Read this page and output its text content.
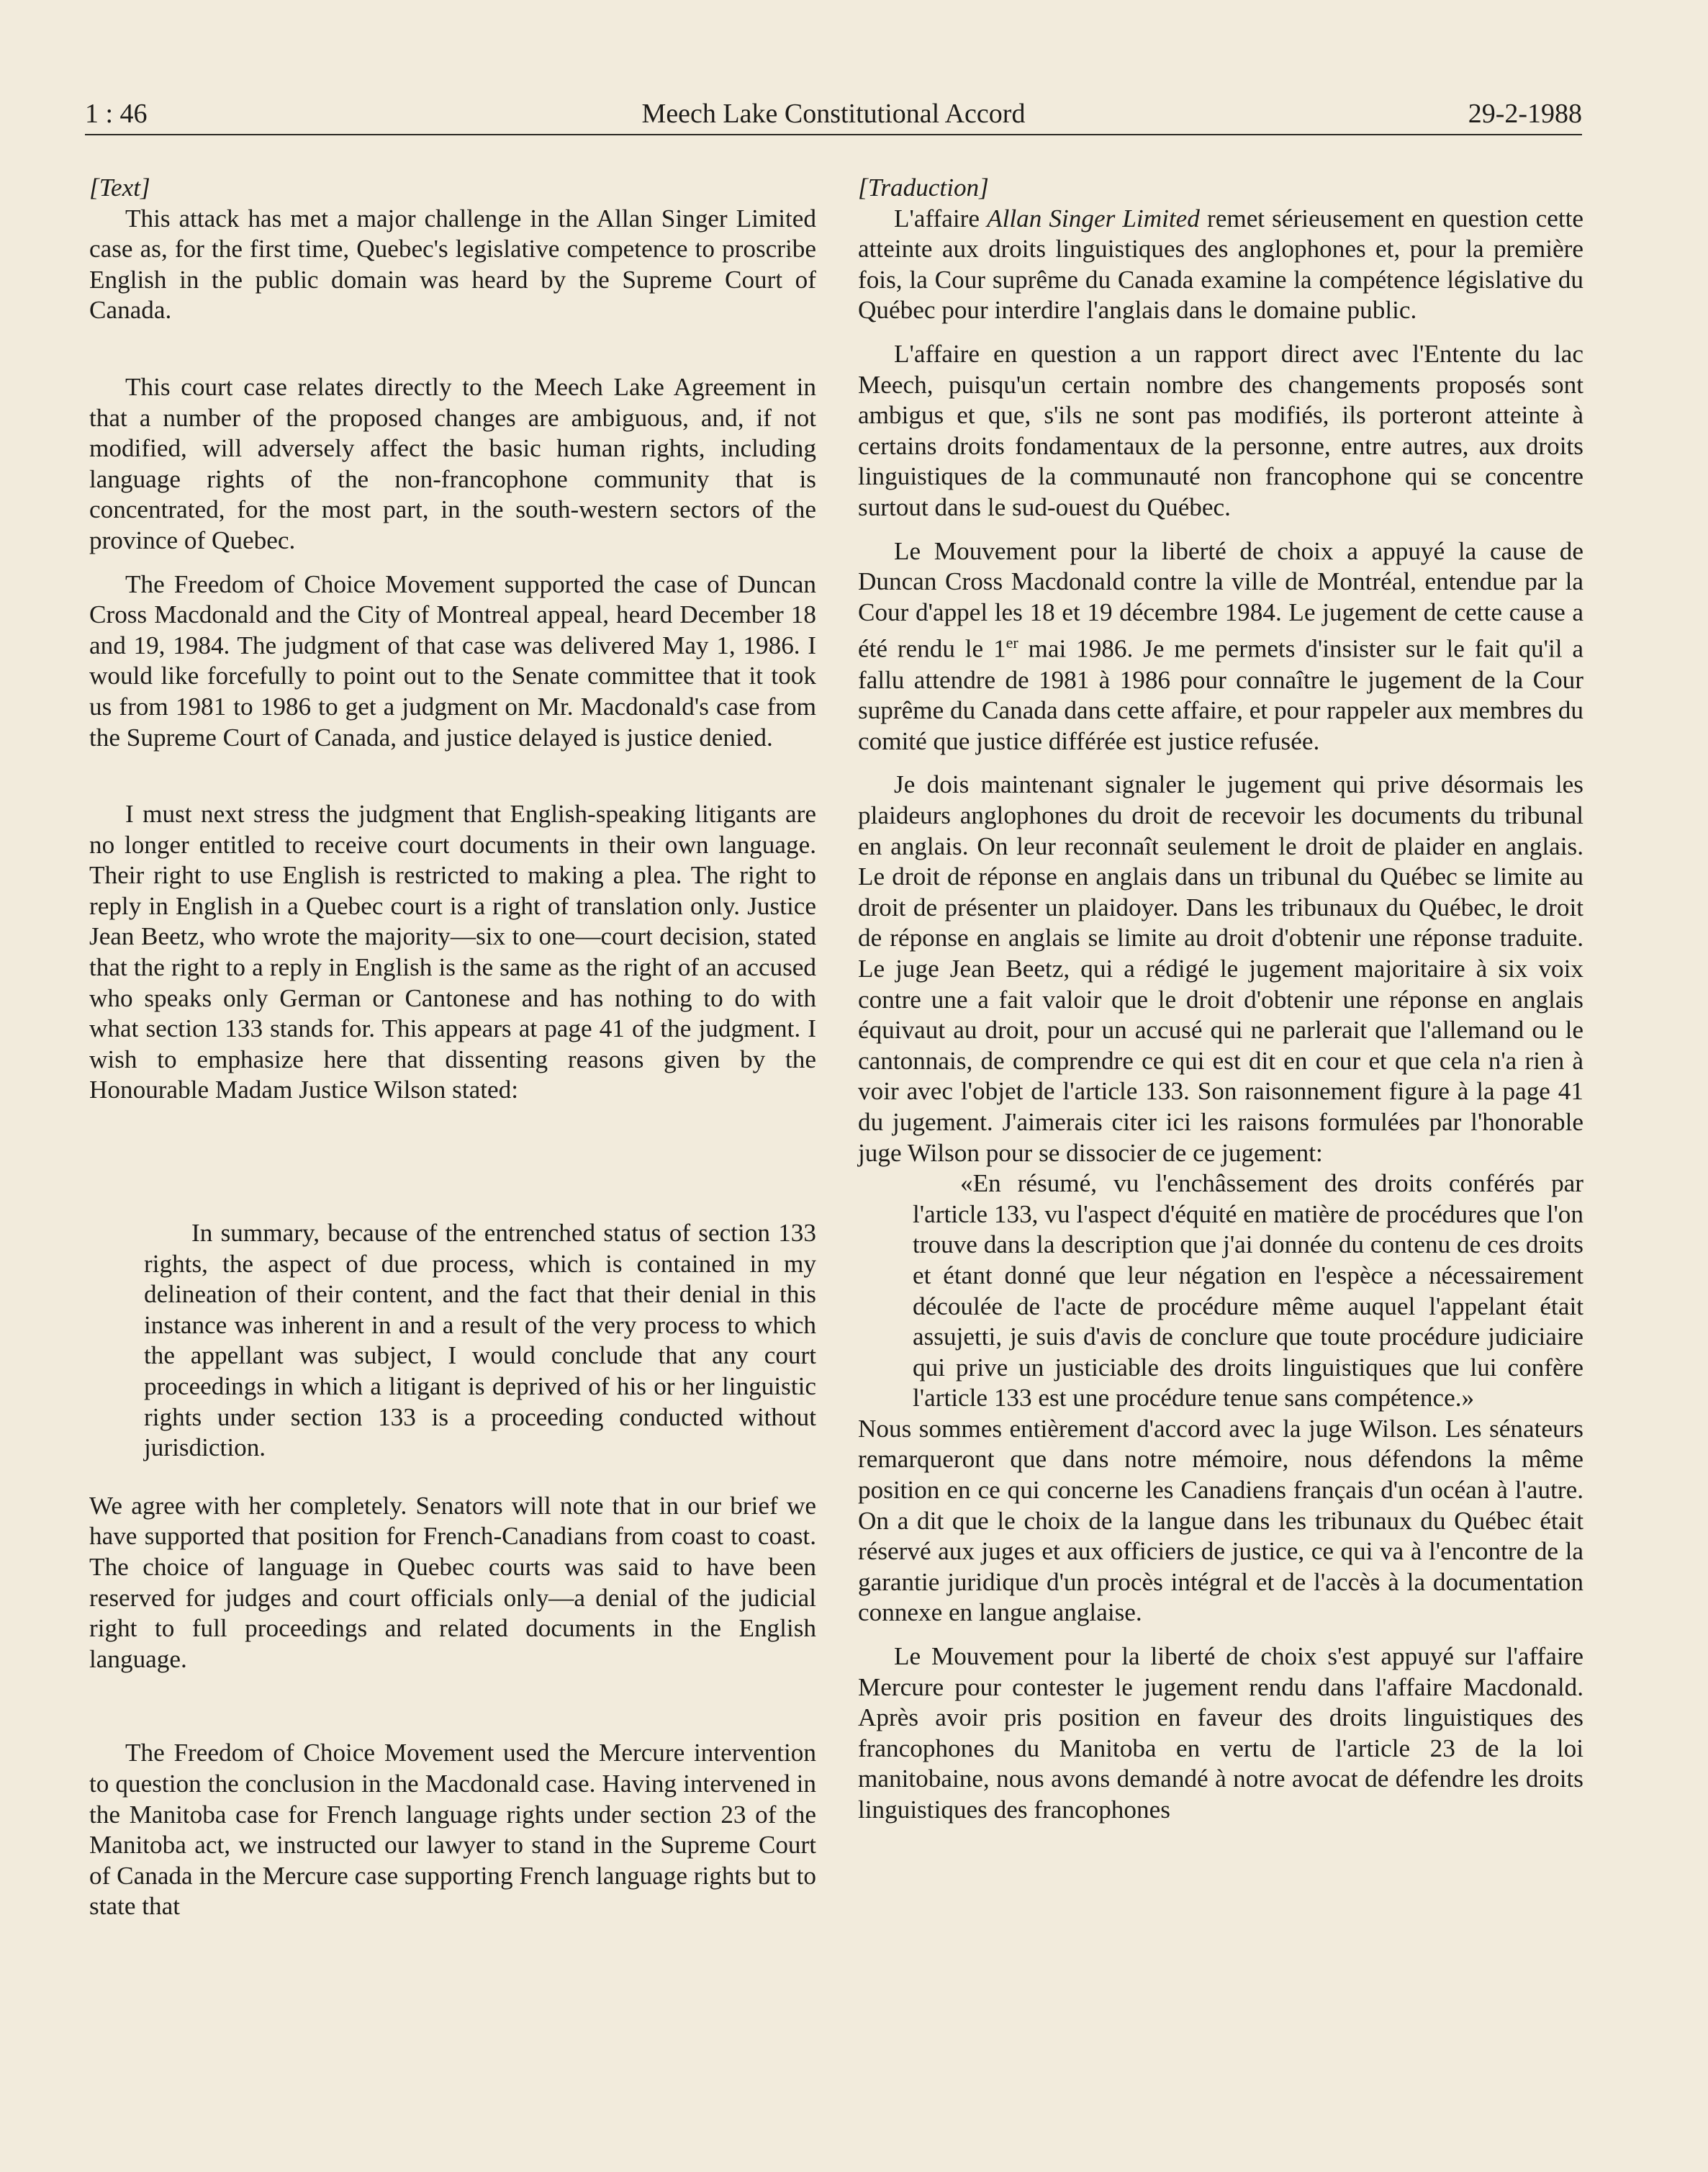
1 : 46	Meech Lake Constitutional Accord	29-2-1988

[Text]

This attack has met a major challenge in the Allan Singer Limited case as, for the first time, Quebec's legislative competence to proscribe English in the public domain was heard by the Supreme Court of Canada.

This court case relates directly to the Meech Lake Agreement in that a number of the proposed changes are ambiguous, and, if not modified, will adversely affect the basic human rights, including language rights of the non-francophone community that is concentrated, for the most part, in the south-western sectors of the province of Quebec.

The Freedom of Choice Movement supported the case of Duncan Cross Macdonald and the City of Montreal appeal, heard December 18 and 19, 1984. The judgment of that case was delivered May 1, 1986. I would like forcefully to point out to the Senate committee that it took us from 1981 to 1986 to get a judgment on Mr. Macdonald's case from the Supreme Court of Canada, and justice delayed is justice denied.

I must next stress the judgment that English-speaking litigants are no longer entitled to receive court documents in their own language. Their right to use English is restricted to making a plea. The right to reply in English in a Quebec court is a right of translation only. Justice Jean Beetz, who wrote the majority—six to one—court decision, stated that the right to a reply in English is the same as the right of an accused who speaks only German or Cantonese and has nothing to do with what section 133 stands for. This appears at page 41 of the judgment. I wish to emphasize here that dissenting reasons given by the Honourable Madam Justice Wilson stated:

In summary, because of the entrenched status of section 133 rights, the aspect of due process, which is contained in my delineation of their content, and the fact that their denial in this instance was inherent in and a result of the very process to which the appellant was subject, I would conclude that any court proceedings in which a litigant is deprived of his or her linguistic rights under section 133 is a proceeding conducted without jurisdiction.

We agree with her completely. Senators will note that in our brief we have supported that position for French-Canadians from coast to coast. The choice of language in Quebec courts was said to have been reserved for judges and court officials only—a denial of the judicial right to full proceedings and related documents in the English language.

The Freedom of Choice Movement used the Mercure intervention to question the conclusion in the Macdonald case. Having intervened in the Manitoba case for French language rights under section 23 of the Manitoba act, we instructed our lawyer to stand in the Supreme Court of Canada in the Mercure case supporting French language rights but to state that

[Traduction]

L'affaire Allan Singer Limited remet sérieusement en question cette atteinte aux droits linguistiques des anglophones et, pour la première fois, la Cour suprême du Canada examine la compétence législative du Québec pour interdire l'anglais dans le domaine public.

L'affaire en question a un rapport direct avec l'Entente du lac Meech, puisqu'un certain nombre des changements proposés sont ambigus et que, s'ils ne sont pas modifiés, ils porteront atteinte à certains droits fondamentaux de la personne, entre autres, aux droits linguistiques de la communauté non francophone qui se concentre surtout dans le sud-ouest du Québec.

Le Mouvement pour la liberté de choix a appuyé la cause de Duncan Cross Macdonald contre la ville de Montréal, entendue par la Cour d'appel les 18 et 19 décembre 1984. Le jugement de cette cause a été rendu le 1er mai 1986. Je me permets d'insister sur le fait qu'il a fallu attendre de 1981 à 1986 pour connaître le jugement de la Cour suprême du Canada dans cette affaire, et pour rappeler aux membres du comité que justice différée est justice refusée.

Je dois maintenant signaler le jugement qui prive désormais les plaideurs anglophones du droit de recevoir les documents du tribunal en anglais. On leur reconnaît seulement le droit de plaider en anglais. Le droit de réponse en anglais dans un tribunal du Québec se limite au droit de présenter un plaidoyer. Dans les tribunaux du Québec, le droit de réponse en anglais se limite au droit d'obtenir une réponse traduite. Le juge Jean Beetz, qui a rédigé le jugement majoritaire à six voix contre une a fait valoir que le droit d'obtenir une réponse en anglais équivaut au droit, pour un accusé qui ne parlerait que l'allemand ou le cantonnais, de comprendre ce qui est dit en cour et que cela n'a rien à voir avec l'objet de l'article 133. Son raisonnement figure à la page 41 du jugement. J'aimerais citer ici les raisons formulées par l'honorable juge Wilson pour se dissocier de ce jugement:

«En résumé, vu l'enchâssement des droits conférés par l'article 133, vu l'aspect d'équité en matière de procédures que l'on trouve dans la description que j'ai donnée du contenu de ces droits et étant donné que leur négation en l'espèce a nécessairement découlée de l'acte de procédure même auquel l'appelant était assujetti, je suis d'avis de conclure que toute procédure judiciaire qui prive un justiciable des droits linguistiques que lui confère l'article 133 est une procédure tenue sans compétence.»

Nous sommes entièrement d'accord avec la juge Wilson. Les sénateurs remarqueront que dans notre mémoire, nous défendons la même position en ce qui concerne les Canadiens français d'un océan à l'autre. On a dit que le choix de la langue dans les tribunaux du Québec était réservé aux juges et aux officiers de justice, ce qui va à l'encontre de la garantie juridique d'un procès intégral et de l'accès à la documentation connexe en langue anglaise.

Le Mouvement pour la liberté de choix s'est appuyé sur l'affaire Mercure pour contester le jugement rendu dans l'affaire Macdonald. Après avoir pris position en faveur des droits linguistiques des francophones du Manitoba en vertu de l'article 23 de la loi manitobaine, nous avons demandé à notre avocat de défendre les droits linguistiques des francophones
